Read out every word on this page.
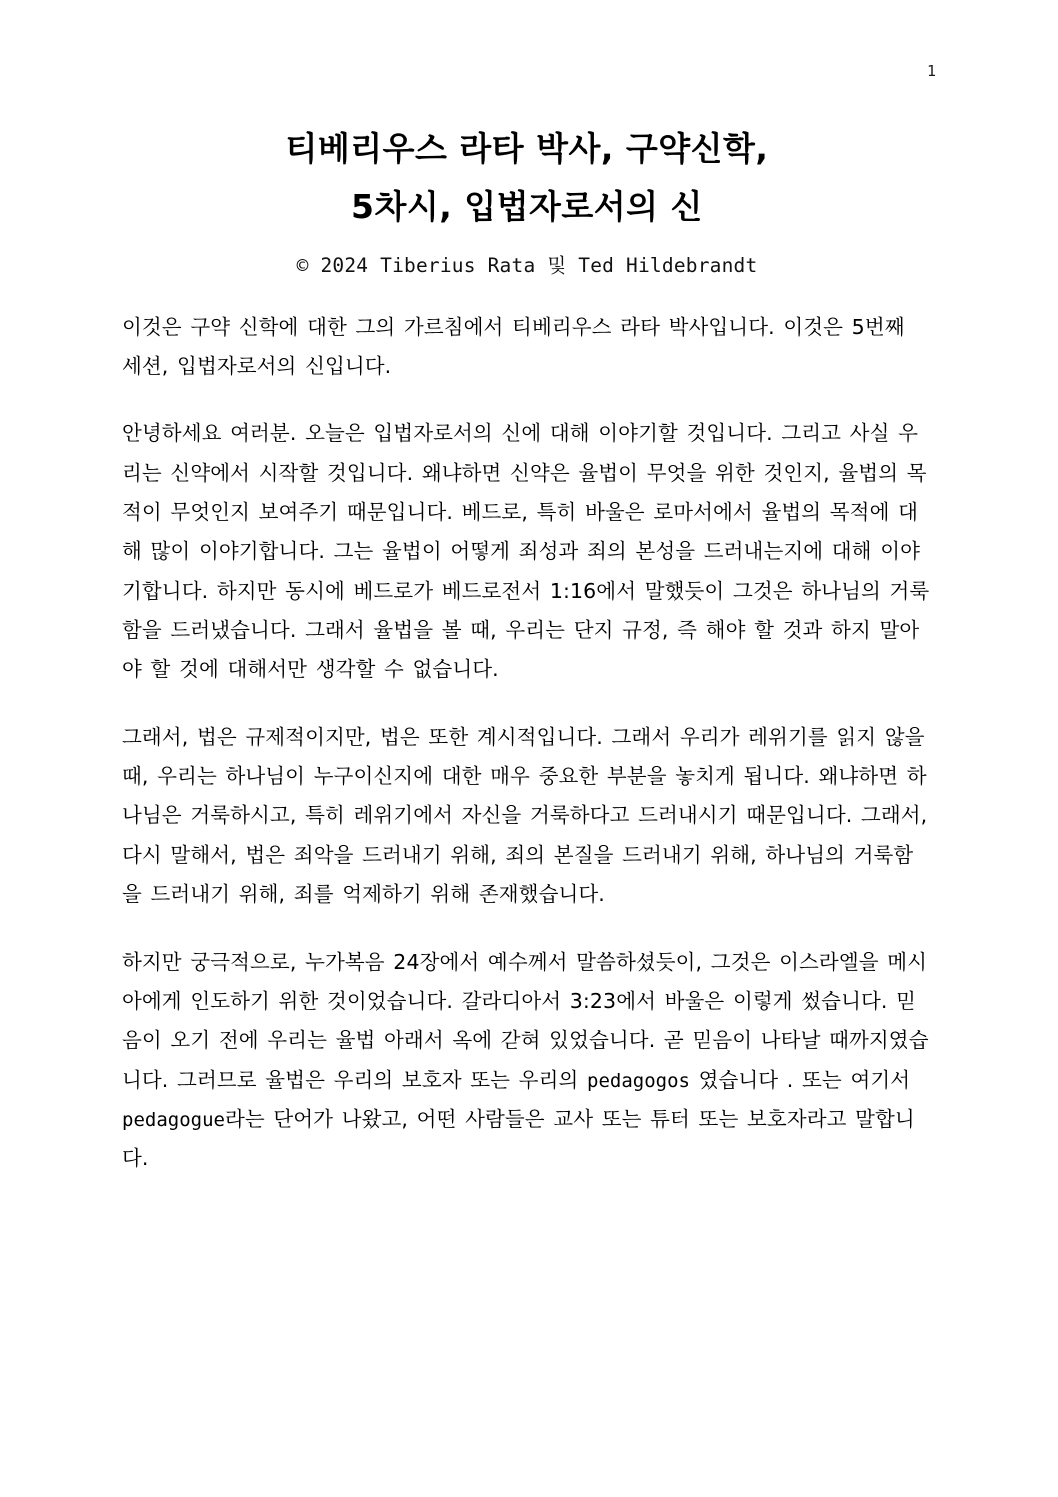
1
티베리우스 라타 박사, 구약신학,
5차시, 입법자로서의 신

© 2024 Tiberius Rata 및 Ted Hildebrandt

이것은 구약 신학에 대한 그의 가르침에서 티베리우스 라타 박사입니다. 이것은 5번째 세션, 입법자로서의 신입니다.

안녕하세요 여러분. 오늘은 입법자로서의 신에 대해 이야기할 것입니다. 그리고 사실 우리는 신약에서 시작할 것입니다. 왜냐하면 신약은 율법이 무엇을 위한 것인지, 율법의 목적이 무엇인지 보여주기 때문입니다. 베드로, 특히 바울은 로마서에서 율법의 목적에 대해 많이 이야기합니다. 그는 율법이 어떻게 죄성과 죄의 본성을 드러내는지에 대해 이야기합니다. 하지만 동시에 베드로가 베드로전서 1:16에서 말했듯이 그것은 하나님의 거룩함을 드러냈습니다. 그래서 율법을 볼 때, 우리는 단지 규정, 즉 해야 할 것과 하지 말아야 할 것에 대해서만 생각할 수 없습니다.

그래서, 법은 규제적이지만, 법은 또한 계시적입니다. 그래서 우리가 레위기를 읽지 않을 때, 우리는 하나님이 누구이신지에 대한 매우 중요한 부분을 놓치게 됩니다. 왜냐하면 하나님은 거룩하시고, 특히 레위기에서 자신을 거룩하다고 드러내시기 때문입니다. 그래서, 다시 말해서, 법은 죄악을 드러내기 위해, 죄의 본질을 드러내기 위해, 하나님의 거룩함을 드러내기 위해, 죄를 억제하기 위해 존재했습니다.

하지만 궁극적으로, 누가복음 24장에서 예수께서 말씀하셨듯이, 그것은 이스라엘을 메시아에게 인도하기 위한 것이었습니다. 갈라디아서 3:23에서 바울은 이렇게 썼습니다. 믿음이 오기 전에 우리는 율법 아래서 옥에 갇혀 있었습니다. 곧 믿음이 나타날 때까지였습니다. 그러므로 율법은 우리의 보호자 또는 우리의 pedagogos 였습니다 . 또는 여기서 pedagogue라는 단어가 나왔고, 어떤 사람들은 교사 또는 튜터 또는 보호자라고 말합니다.
